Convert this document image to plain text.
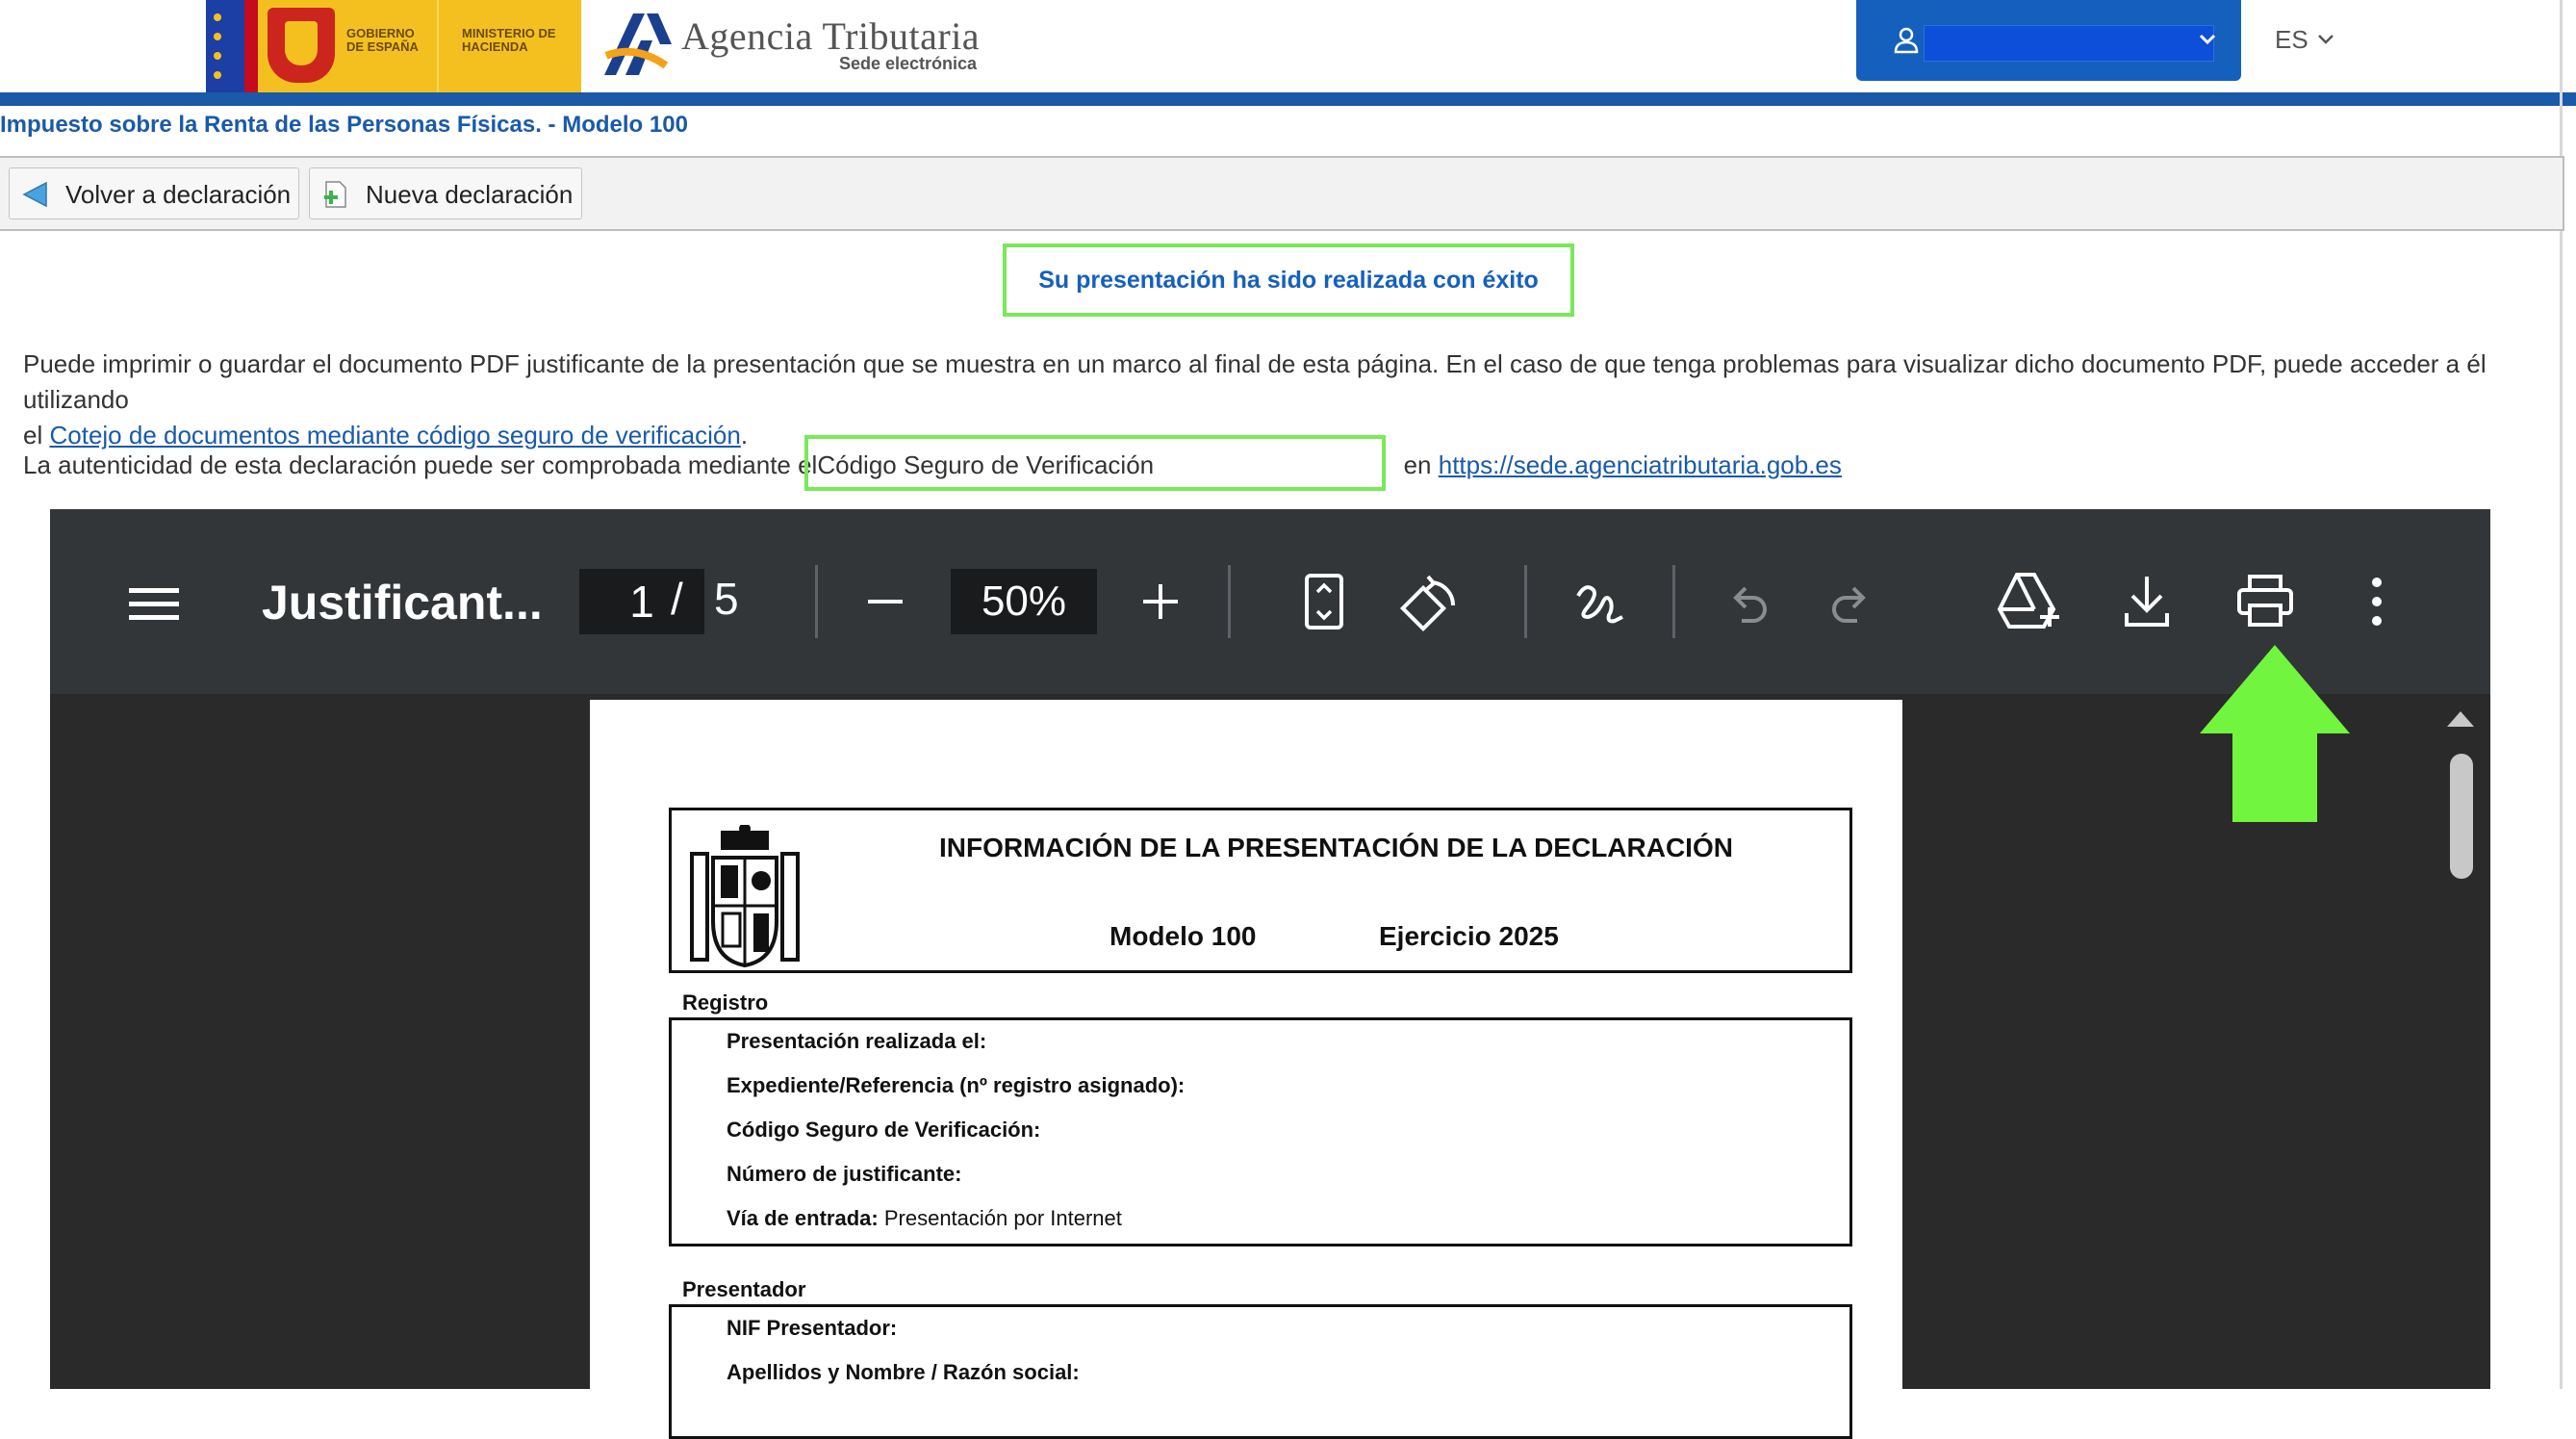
GOBIERNO DE ESPAÑA
MINISTERIO DE HACIENDA	Agencia Tributaria
Sede electrónica
ES
Impuesto sobre la Renta de las Personas Físicas. - Modelo 100
Volver a declaración	Nueva declaración
Su presentación ha sido realizada con éxito
Puede imprimir o guardar el documento PDF justificante de la presentación que se muestra en un marco al final de esta página. En el caso de que tenga problemas para visualizar dicho documento PDF, puede acceder a él utilizando
el Cotejo de documentos mediante código seguro de verificación.
La autenticidad de esta declaración puede ser comprobada mediante elCódigo Seguro de Verificación	en https://sede.agenciatributaria.gob.es
Justificant...	1 / 5	50%
INFORMACIÓN DE LA PRESENTACIÓN DE LA DECLARACIÓN
Modelo 100	Ejercicio 2025
Registro
Presentación realizada el:
Expediente/Referencia (nº registro asignado):
Código Seguro de Verificación:
Número de justificante:
Vía de entrada: Presentación por Internet
Presentador
NIF Presentador:
Apellidos y Nombre / Razón social:
